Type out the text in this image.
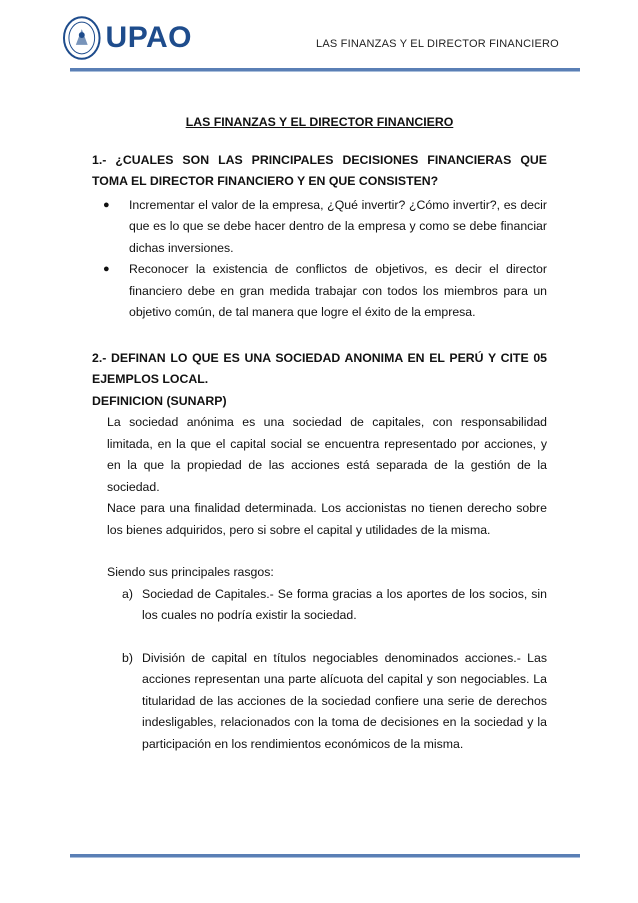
UPAO	LAS FINANZAS Y EL DIRECTOR FINANCIERO

LAS FINANZAS Y EL DIRECTOR FINANCIERO

1.- ¿CUALES SON LAS PRINCIPALES DECISIONES FINANCIERAS QUE TOMA EL DIRECTOR FINANCIERO Y EN QUE CONSISTEN?

● Incrementar el valor de la empresa, ¿Qué invertir? ¿Cómo invertir?, es decir que es lo que se debe hacer dentro de la empresa y como se debe financiar dichas inversiones.
● Reconocer la existencia de conflictos de objetivos, es decir el director financiero debe en gran medida trabajar con todos los miembros para un objetivo común, de tal manera que logre el éxito de la empresa.

2.- DEFINAN LO QUE ES UNA SOCIEDAD ANONIMA EN EL PERÚ Y CITE 05 EJEMPLOS LOCAL.

DEFINICION (SUNARP)

La sociedad anónima es una sociedad de capitales, con responsabilidad limitada, en la que el capital social se encuentra representado por acciones, y en la que la propiedad de las acciones está separada de la gestión de la sociedad.

Nace para una finalidad determinada. Los accionistas no tienen derecho sobre los bienes adquiridos, pero si sobre el capital y utilidades de la misma.

Siendo sus principales rasgos:

a) Sociedad de Capitales.- Se forma gracias a los aportes de los socios, sin los cuales no podría existir la sociedad.
b) División de capital en títulos negociables denominados acciones.- Las acciones representan una parte alícuota del capital y son negociables. La titularidad de las acciones de la sociedad confiere una serie de derechos indesligables, relacionados con la toma de decisiones en la sociedad y la participación en los rendimientos económicos de la misma.
